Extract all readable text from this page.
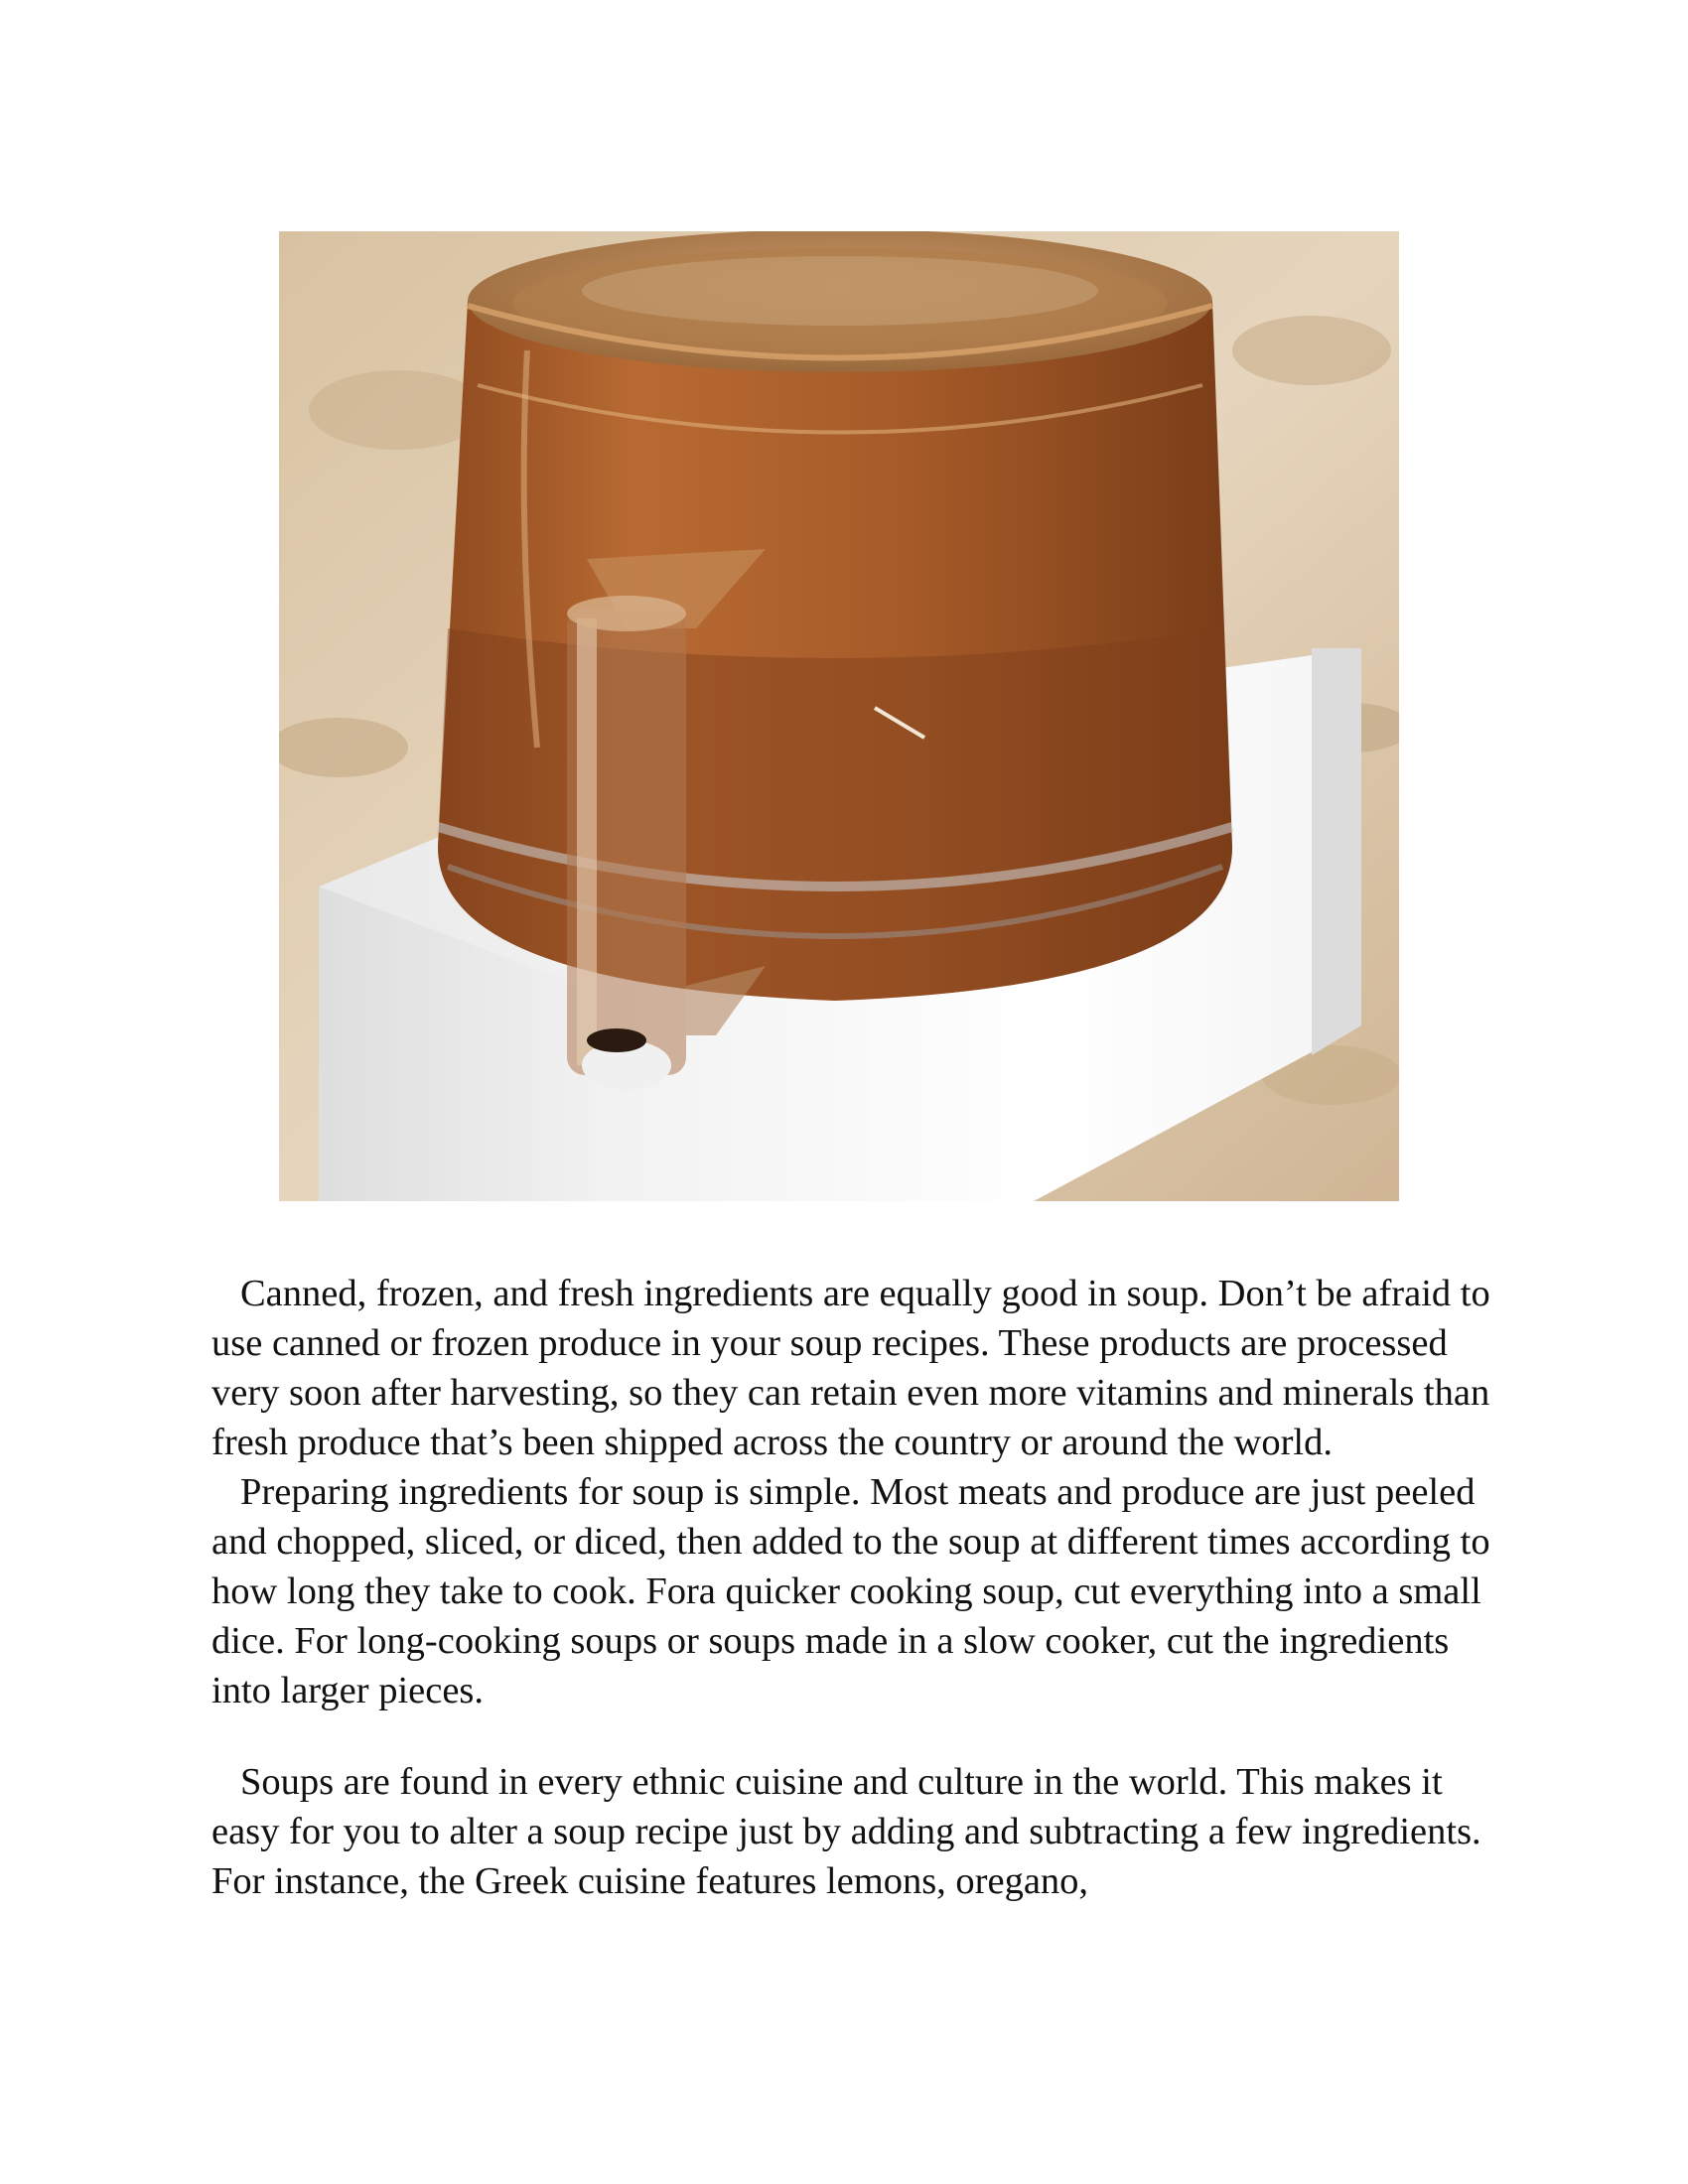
Canned, frozen, and fresh ingredients are equally good in soup. Don’t be afraid to use canned or frozen produce in your soup recipes. These products are processed very soon after harvesting, so they can retain even more vitamins and minerals than fresh produce that’s been shipped across the country or around the world.

Preparing ingredients for soup is simple. Most meats and produce are just peeled and chopped, sliced, or diced, then added to the soup at different times according to how long they take to cook. Fora quicker cooking soup, cut everything into a small dice. For long-cooking soups or soups made in a slow cooker, cut the ingredients into larger pieces.

Soups are found in every ethnic cuisine and culture in the world. This makes it easy for you to alter a soup recipe just by adding and subtracting a few ingredients. For instance, the Greek cuisine features lemons, oregano,
